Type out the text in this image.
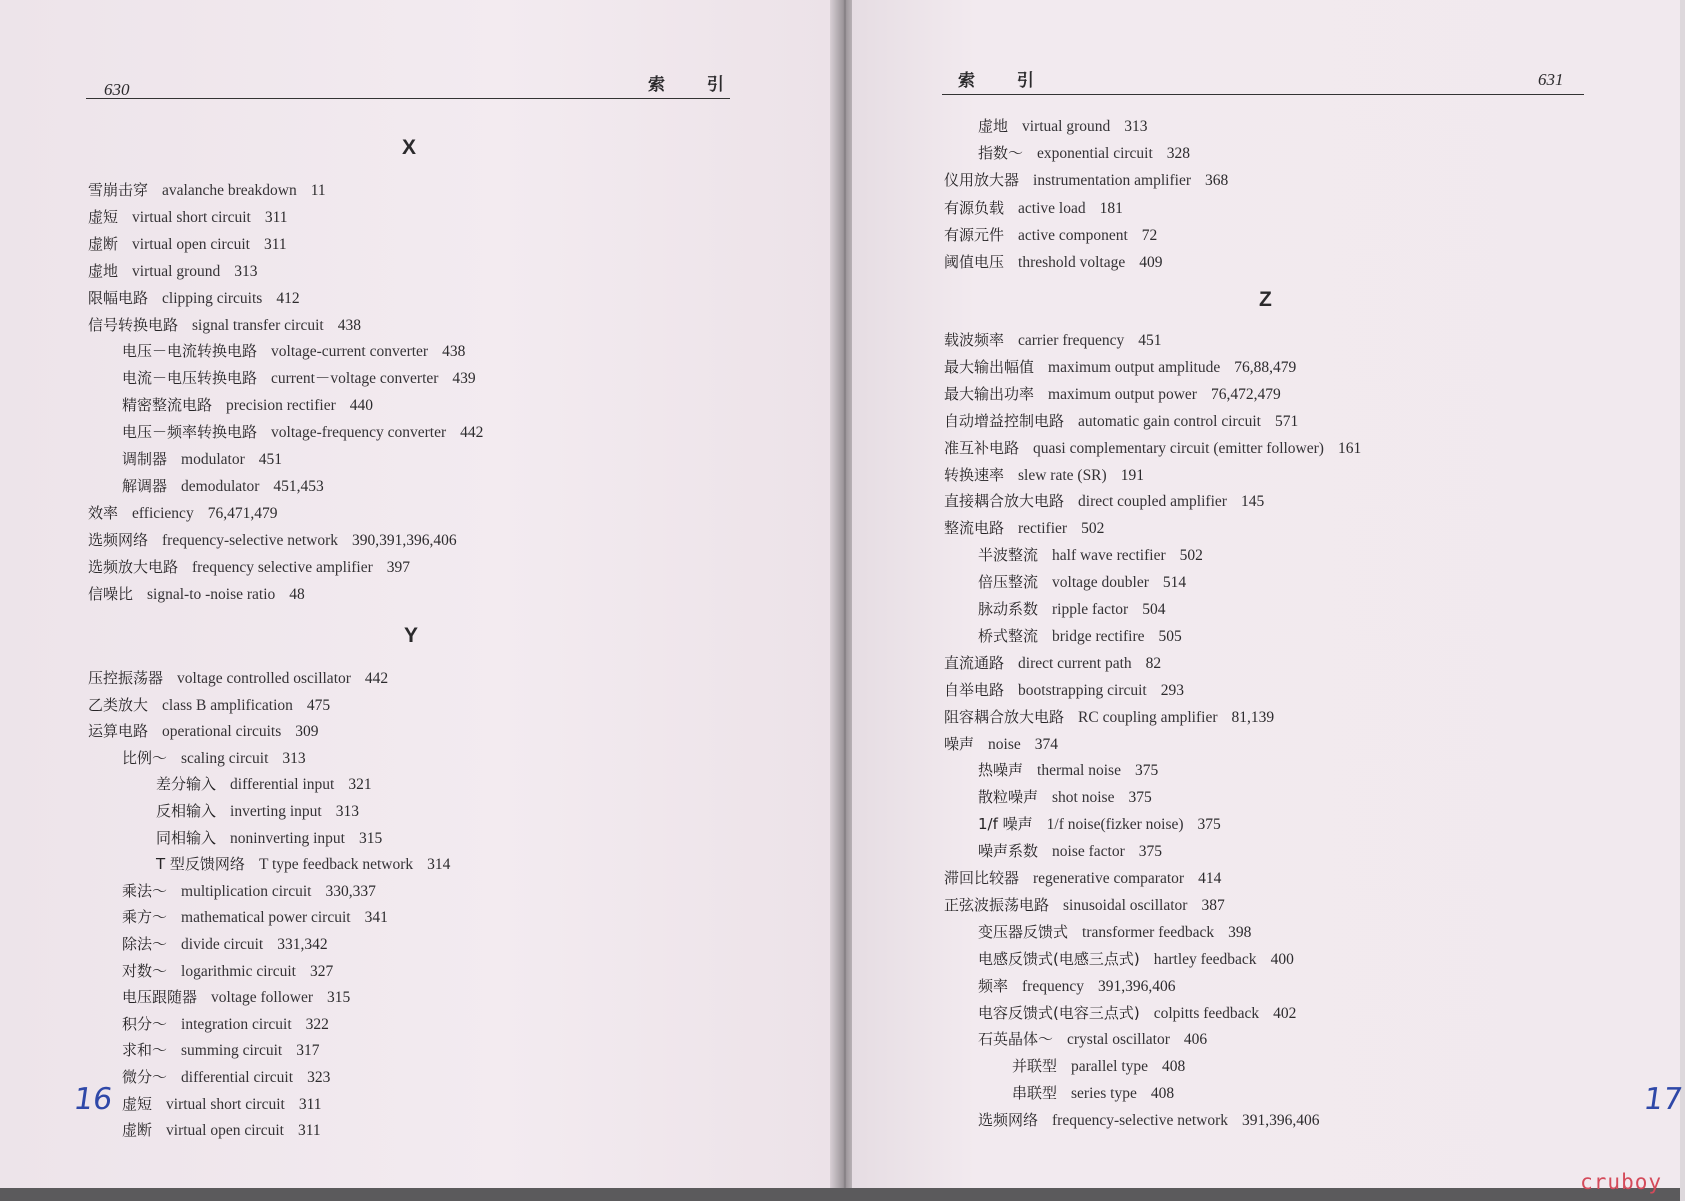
630	索 引
X
雪崩击穿 avalanche breakdown 11
虚短 virtual short circuit 311
虚断 virtual open circuit 311
虚地 virtual ground 313
限幅电路 clipping circuits 412
信号转换电路 signal transfer circuit 438
电压－电流转换电路 voltage-current converter 438
电流－电压转换电路 current－voltage converter 439
精密整流电路 precision rectifier 440
电压－频率转换电路 voltage-frequency converter 442
调制器 modulator 451
解调器 demodulator 451,453
效率 efficiency 76,471,479
选频网络 frequency-selective network 390,391,396,406
选频放大电路 frequency selective amplifier 397
信噪比 signal-to -noise ratio 48
Y
压控振荡器 voltage controlled oscillator 442
乙类放大 class B amplification 475
运算电路 operational circuits 309
比例～ scaling circuit 313
差分输入 differential input 321
反相输入 inverting input 313
同相输入 noninverting input 315
T 型反馈网络 T type feedback network 314
乘法～ multiplication circuit 330,337
乘方～ mathematical power circuit 341
除法～ divide circuit 331,342
对数～ logarithmic circuit 327
电压跟随器 voltage follower 315
积分～ integration circuit 322
求和～ summing circuit 317
微分～ differential circuit 323
虚短 virtual short circuit 311
虚断 virtual open circuit 311
16
索 引	631
虚地 virtual ground 313
指数～ exponential circuit 328
仪用放大器 instrumentation amplifier 368
有源负载 active load 181
有源元件 active component 72
阈值电压 threshold voltage 409
Z
载波频率 carrier frequency 451
最大输出幅值 maximum output amplitude 76,88,479
最大输出功率 maximum output power 76,472,479
自动增益控制电路 automatic gain control circuit 571
准互补电路 quasi complementary circuit (emitter follower) 161
转换速率 slew rate (SR) 191
直接耦合放大电路 direct coupled amplifier 145
整流电路 rectifier 502
半波整流 half wave rectifier 502
倍压整流 voltage doubler 514
脉动系数 ripple factor 504
桥式整流 bridge rectifire 505
直流通路 direct current path 82
自举电路 bootstrapping circuit 293
阻容耦合放大电路 RC coupling amplifier 81,139
噪声 noise 374
热噪声 thermal noise 375
散粒噪声 shot noise 375
1/f 噪声 1/f noise(fizker noise) 375
噪声系数 noise factor 375
滞回比较器 regenerative comparator 414
正弦波振荡电路 sinusoidal oscillator 387
变压器反馈式 transformer feedback 398
电感反馈式(电感三点式) hartley feedback 400
频率 frequency 391,396,406
电容反馈式(电容三点式) colpitts feedback 402
石英晶体～ crystal oscillator 406
并联型 parallel type 408
串联型 series type 408
选频网络 frequency-selective network 391,396,406
17
cruboy
